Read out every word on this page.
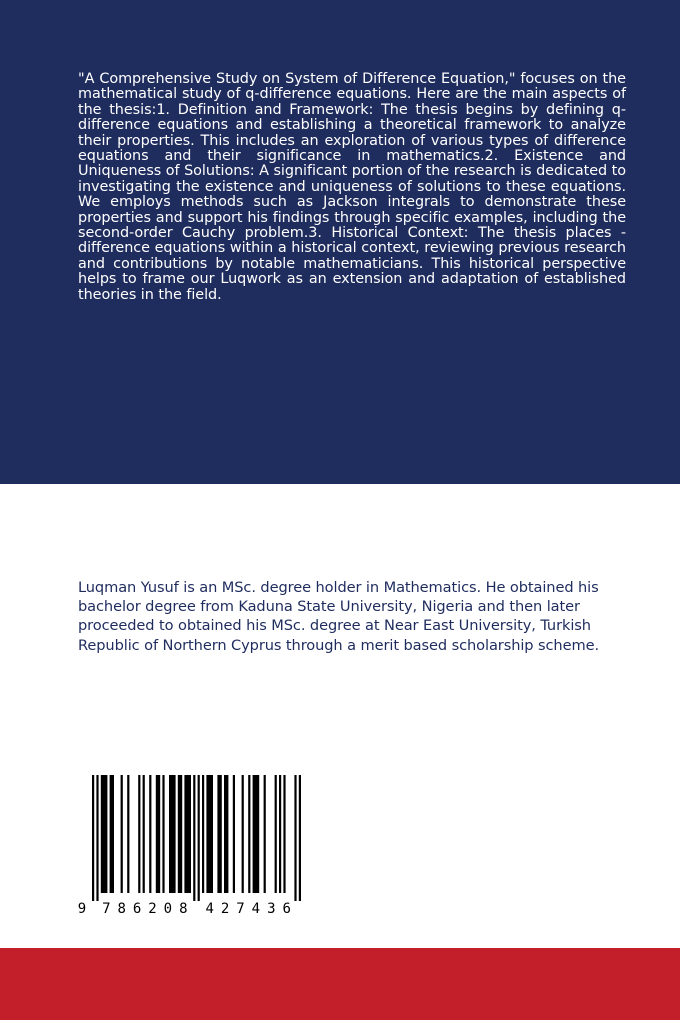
"A Comprehensive Study on System of Difference Equation," focuses on the mathematical study of q-difference equations. Here are the main aspects of the thesis:1. Definition and Framework: The thesis begins by defining q-difference equations and establishing a theoretical framework to analyze their properties. This includes an exploration of various types of difference equations and their significance in mathematics.2. Existence and Uniqueness of Solutions: A significant portion of the research is dedicated to investigating the existence and uniqueness of solutions to these equations. We employs methods such as Jackson integrals to demonstrate these properties and support his findings through specific examples, including the second-order Cauchy problem.3. Historical Context: The thesis places -difference equations within a historical context, reviewing previous research and contributions by notable mathematicians. This historical perspective helps to frame our Luqwork as an extension and adaptation of established theories in the field.

Luqman Yusuf is an MSc. degree holder in Mathematics. He obtained his bachelor degree from Kaduna State University, Nigeria and then later proceeded to obtained his MSc. degree at Near East University, Turkish Republic of Northern Cyprus through a merit based scholarship scheme.

9 7 8 6 2 0 8 4 2 7 4 3 6
